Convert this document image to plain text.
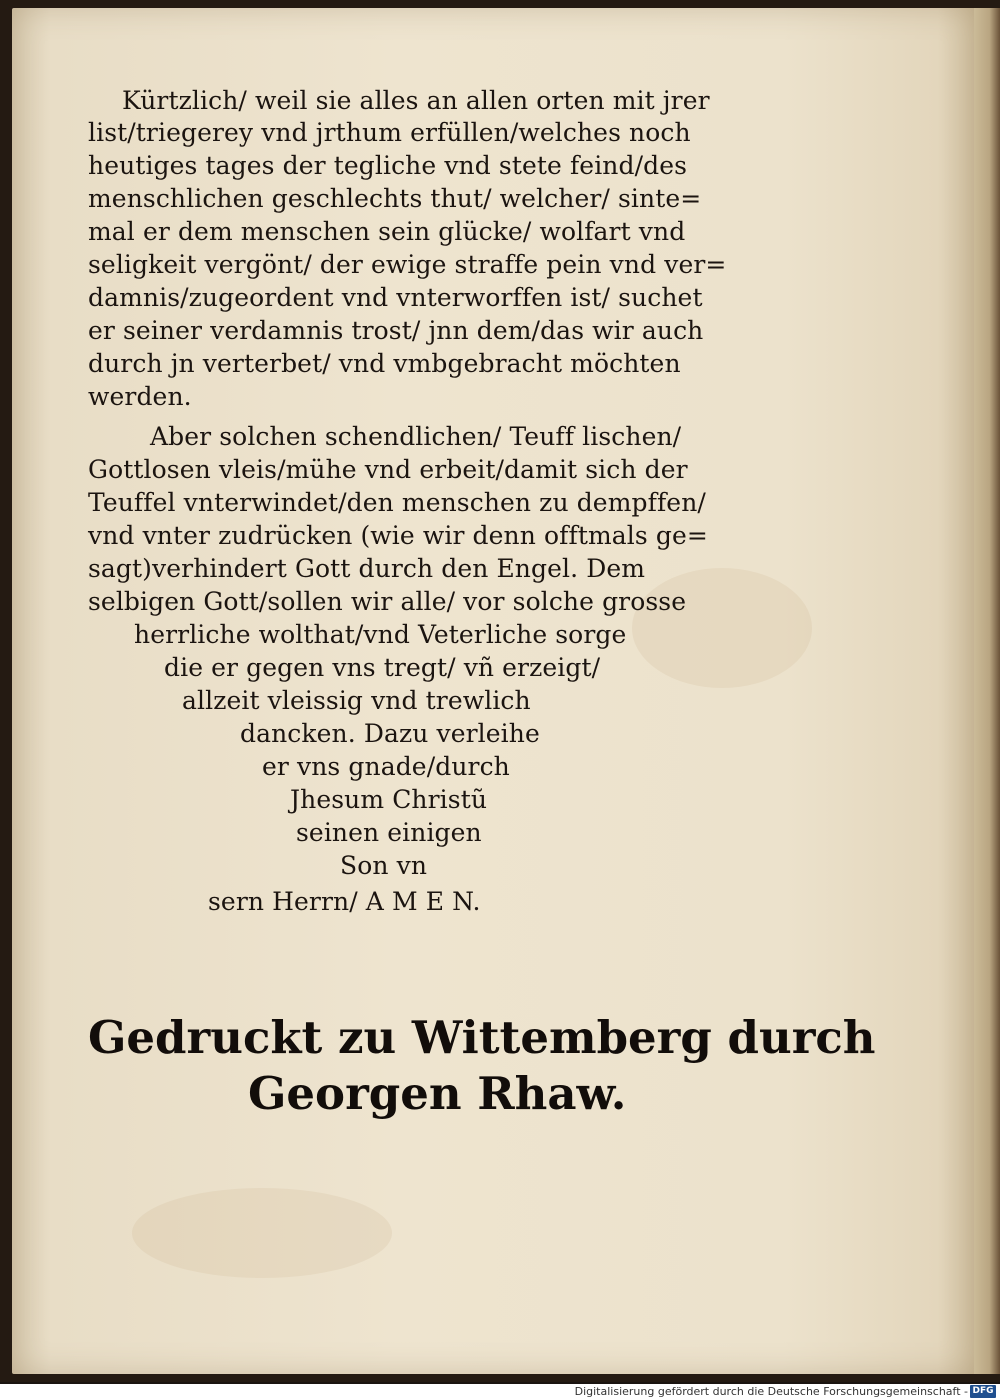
Kürtzlich/ weil sie alles an allen orten mit jrer
list/triegerey vnd jrthum erfüllen/welches noch
heutiges tages der tegliche vnd stete feind/des
menschlichen geschlechts thut/ welcher/ sinte=
mal er dem menschen sein glücke/ wolfart vnd
seligkeit vergönt/ der ewige straffe pein vnd ver=
damnis/zugeordent vnd vnterworffen ist/ suchet
er seiner verdamnis trost/ jnn dem/das wir auch
durch jn verterbet/ vnd vmbgebracht möchten
werden.
Aber solchen schendlichen/ Teuff lischen/
Gottlosen vleis/mühe vnd erbeit/damit sich der
Teuffel vnterwindet/den menschen zu dempffen/
vnd vnter zudrücken (wie wir denn offtmals ge=
sagt)verhindert Gott durch den Engel. Dem
selbigen Gott/sollen wir alle/ vor solche grosse
herrliche wolthat/vnd Veterliche sorge
die er gegen vns tregt/ vñ erzeigt/
allzeit vleissig vnd trewlich
dancken. Dazu verleihe
er vns gnade/durch
Jhesum Christũ
seinen einigen
Son vn
sern Herrn/ A M E N.
Gedruckt zu Wittemberg durch
Georgen Rhaw.
Digitalisierung gefördert durch die Deutsche Forschungsgemeinschaft - DFG
